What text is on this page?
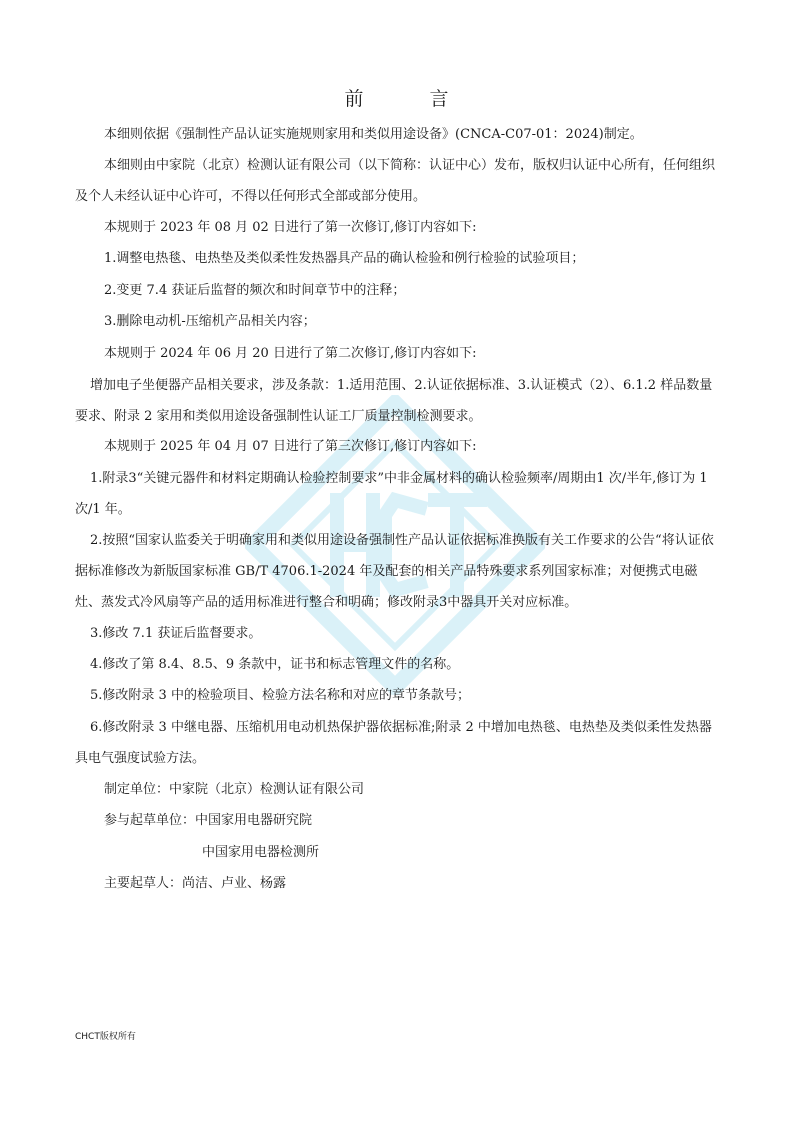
前 言
本细则依据《强制性产品认证实施规则家用和类似用途设备》(CNCA-C07-01：2024)制定。
本细则由中家院（北京）检测认证有限公司（以下简称：认证中心）发布，版权归认证中心所有，任何组织及个人未经认证中心许可，不得以任何形式全部或部分使用。
本规则于 2023 年 08 月 02 日进行了第一次修订,修订内容如下:
1.调整电热毯、电热垫及类似柔性发热器具产品的确认检验和例行检验的试验项目；
2.变更 7.4 获证后监督的频次和时间章节中的注释；
3.删除电动机-压缩机产品相关内容；
本规则于 2024 年 06 月 20 日进行了第二次修订,修订内容如下:
增加电子坐便器产品相关要求，涉及条款：1.适用范围、2.认证依据标准、3.认证模式（2）、6.1.2 样品数量要求、附录 2 家用和类似用途设备强制性认证工厂质量控制检测要求。
本规则于 2025 年 04 月 07 日进行了第三次修订,修订内容如下:
1.附录3“关键元器件和材料定期确认检验控制要求”中非金属材料的确认检验频率/周期由1 次/半年,修订为 1 次/1 年。
2.按照“国家认监委关于明确家用和类似用途设备强制性产品认证依据标准换版有关工作要求的公告“将认证依据标准修改为新版国家标准 GB/T 4706.1-2024 年及配套的相关产品特殊要求系列国家标准；对便携式电磁灶、蒸发式冷风扇等产品的适用标准进行整合和明确；修改附录3中器具开关对应标准。
3.修改 7.1 获证后监督要求。
4.修改了第 8.4、8.5、9 条款中，证书和标志管理文件的名称。
5.修改附录 3 中的检验项目、检验方法名称和对应的章节条款号；
6.修改附录 3 中继电器、压缩机用电动机热保护器依据标准;附录 2 中增加电热毯、电热垫及类似柔性发热器具电气强度试验方法。
制定单位：中家院（北京）检测认证有限公司
参与起草单位：中国家用电器研究院
中国家用电器检测所
主要起草人：尚洁、卢业、杨露
CHCT版权所有
